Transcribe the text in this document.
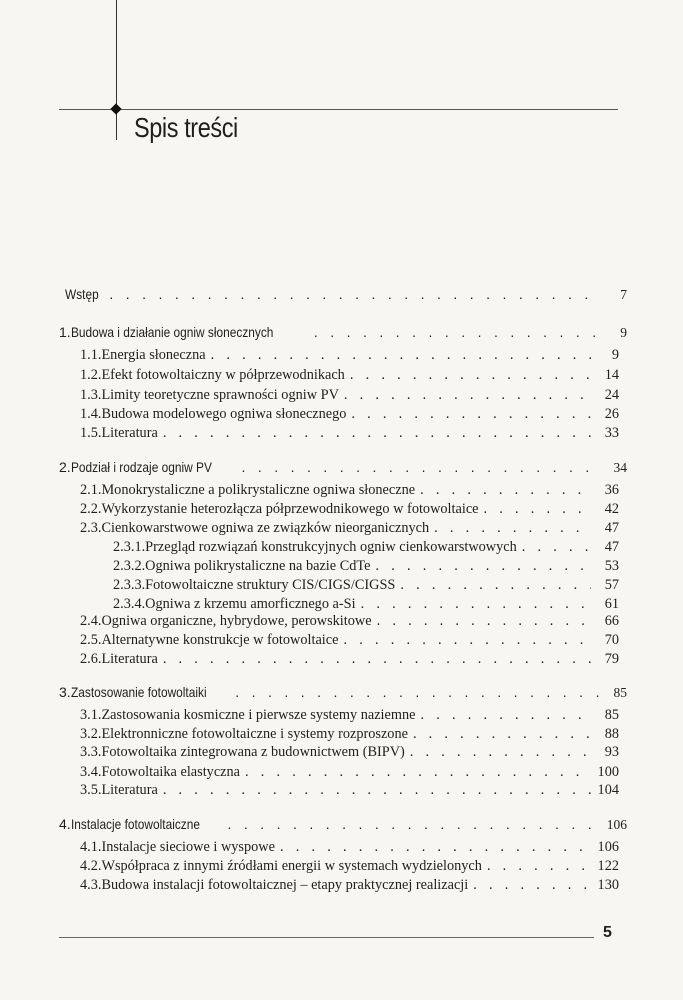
Spis treści
Wstęp . . .	7
1. Budowa i działanie ogniw słonecznych . . .	9
1.1. Energia słoneczna . . .	9
1.2. Efekt fotowoltaiczny w półprzewodnikach . . .	14
1.3. Limity teoretyczne sprawności ogniw PV . . .	24
1.4. Budowa modelowego ogniwa słonecznego . . .	26
1.5. Literatura . . .	33
2. Podział i rodzaje ogniw PV . . .	34
2.1. Monokrystaliczne a polikrystaliczne ogniwa słoneczne . . .	36
2.2. Wykorzystanie heterozłącza półprzewodnikowego w fotowoltaice . . .	42
2.3. Cienkowarstwowe ogniwa ze związków nieorganicznych . . .	47
2.3.1. Przegląd rozwiązań konstrukcyjnych ogniw cienkowarstwowych . . .	47
2.3.2. Ogniwa polikrystaliczne na bazie CdTe . . .	53
2.3.3. Fotowoltaiczne struktury CIS/CIGS/CIGSS . . .	57
2.3.4. Ogniwa z krzemu amorficznego a-Si . . .	61
2.4. Ogniwa organiczne, hybrydowe, perowskitowe . . .	66
2.5. Alternatywne konstrukcje w fotowoltaice . . .	70
2.6. Literatura . . .	79
3. Zastosowanie fotowoltaiki . . .	85
3.1. Zastosowania kosmiczne i pierwsze systemy naziemne . . .	85
3.2. Elektronniczne fotowoltaiczne i systemy rozproszone . . .	88
3.3. Fotowoltaika zintegrowana z budownictwem (BIPV) . . .	93
3.4. Fotowoltaika elastyczna . . .	100
3.5. Literatura . . .	104
4. Instalacje fotowoltaiczne . . .	106
4.1. Instalacje sieciowe i wyspowe . . .	106
4.2. Współpraca z innymi źródłami energii w systemach wydzielonych . . .	122
4.3. Budowa instalacji fotowoltaicznej – etapy praktycznej realizacji . . .	130
5
